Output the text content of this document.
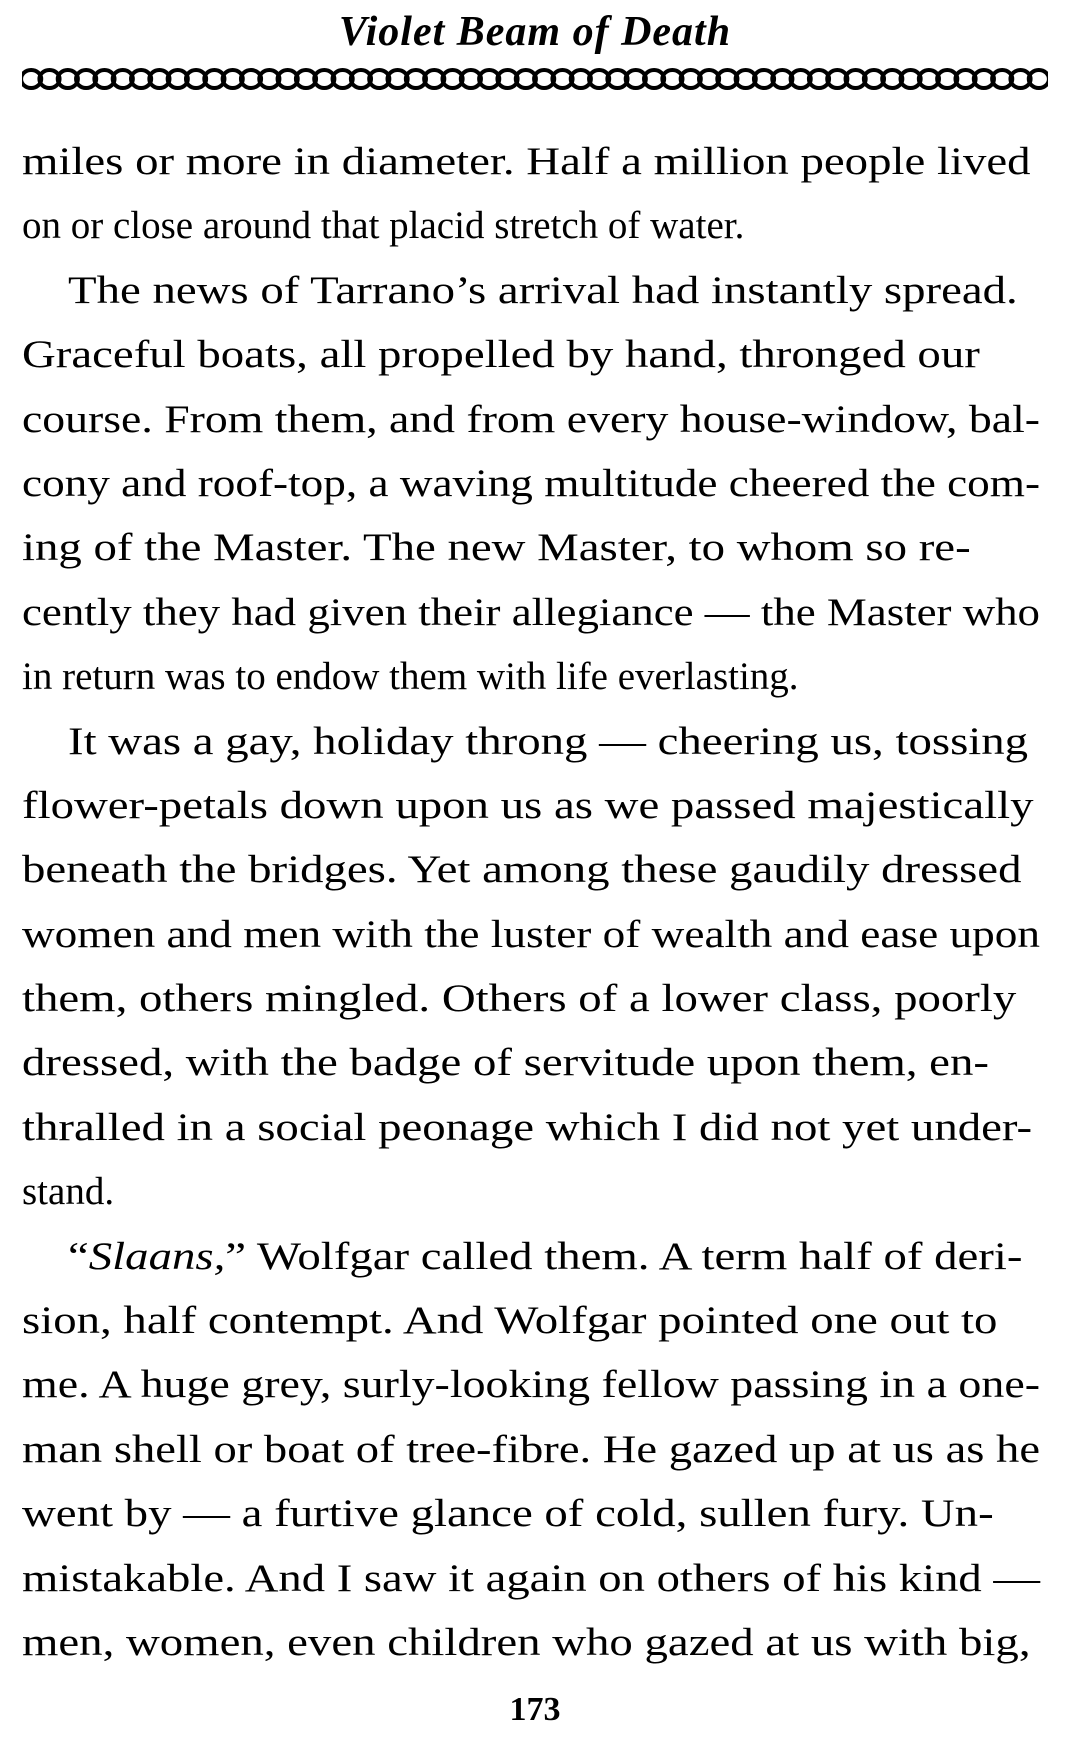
Violet Beam of Death
miles or more in diameter. Half a million people lived
on or close around that placid stretch of water.
The news of Tarrano’s arrival had instantly spread.
Graceful boats, all propelled by hand, thronged our
course. From them, and from every house-window, bal-
cony and roof-top, a waving multitude cheered the com-
ing of the Master. The new Master, to whom so re-
cently they had given their allegiance — the Master who
in return was to endow them with life everlasting.
It was a gay, holiday throng — cheering us, tossing
flower-petals down upon us as we passed majestically
beneath the bridges. Yet among these gaudily dressed
women and men with the luster of wealth and ease upon
them, others mingled. Others of a lower class, poorly
dressed, with the badge of servitude upon them, en-
thralled in a social peonage which I did not yet under-
stand.
“Slaans,” Wolfgar called them. A term half of deri-
sion, half contempt. And Wolfgar pointed one out to
me. A huge grey, surly-looking fellow passing in a one-
man shell or boat of tree-fibre. He gazed up at us as he
went by — a furtive glance of cold, sullen fury. Un-
mistakable. And I saw it again on others of his kind —
men, women, even children who gazed at us with big,
173
